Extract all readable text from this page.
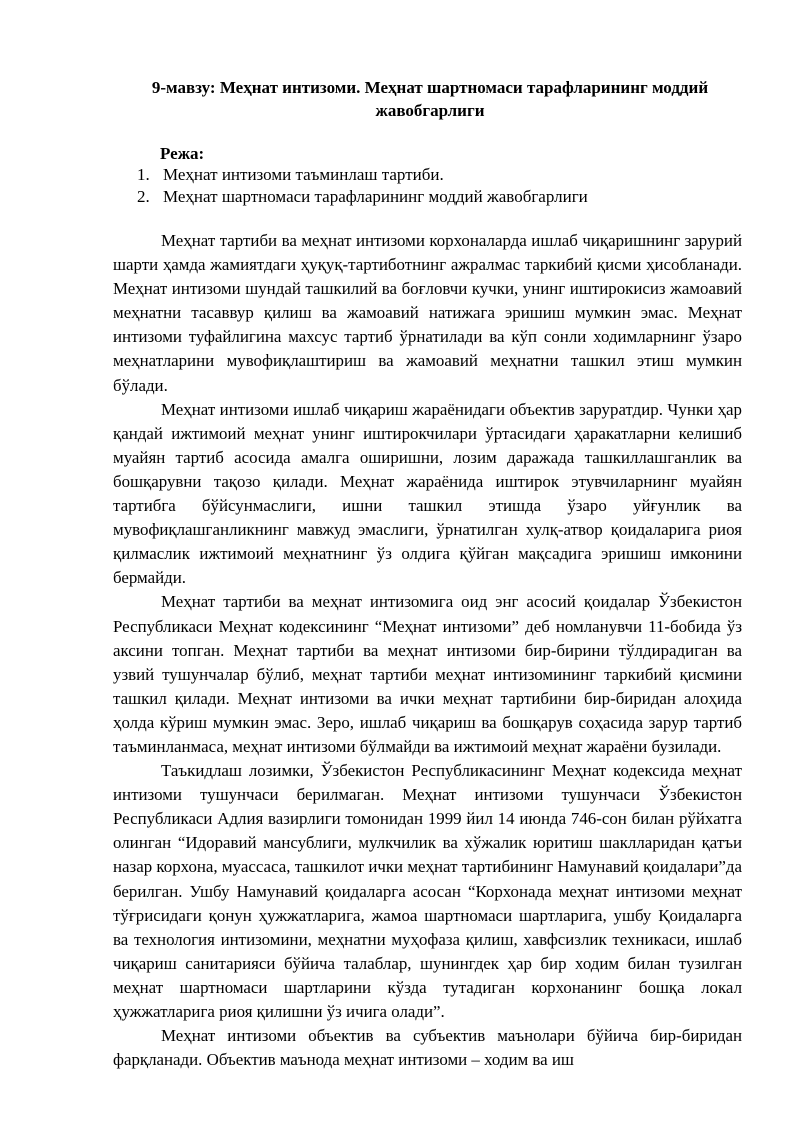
9-мавзу: Меҳнат интизоми. Меҳнат шартномаси тарафларининг моддий жавобгарлиги
Режа:
1. Меҳнат интизоми таъминлаш тартиби.
2. Меҳнат шартномаси тарафларининг моддий жавобгарлиги

Меҳнат тартиби ва меҳнат интизоми корхоналарда ишлаб чиқаришнинг зарурий шарти ҳамда жамиятдаги ҳуқуқ-тартиботнинг ажралмас таркибий қисми ҳисобланади. Меҳнат интизоми шундай ташкилий ва боғловчи кучки, унинг иштирокисиз жамоавий меҳнатни тасаввур қилиш ва жамоавий натижага эришиш мумкин эмас. Меҳнат интизоми туфайлигина махсус тартиб ўрнатилади ва кўп сонли ходимларнинг ўзаро меҳнатларини мувофиқлаштириш ва жамоавий меҳнатни ташкил этиш мумкин бўлади.

Меҳнат интизоми ишлаб чиқариш жараёнидаги объектив заруратдир. Чунки ҳар қандай ижтимоий меҳнат унинг иштирокчилари ўртасидаги ҳаракатларни келишиб муайян тартиб асосида амалга оширишни, лозим даражада ташкиллашганлик ва бошқарувни тақозо қилади. Меҳнат жараёнида иштирок этувчиларнинг муайян тартибга бўйсунмаслиги, ишни ташкил этишда ўзаро уйғунлик ва мувофиқлашганликнинг мавжуд эмаслиги, ўрнатилган хулқ-атвор қоидаларига риоя қилмаслик ижтимоий меҳнатнинг ўз олдига қўйган мақсадига эришиш имконини бермайди.

Меҳнат тартиби ва меҳнат интизомига оид энг асосий қоидалар Ўзбекистон Республикаси Меҳнат кодексининг “Меҳнат интизоми” деб номланувчи 11-бобида ўз аксини топган. Меҳнат тартиби ва меҳнат интизоми бир-бирини тўлдирадиган ва узвий тушунчалар бўлиб, меҳнат тартиби меҳнат интизомининг таркибий қисмини ташкил қилади. Меҳнат интизоми ва ички меҳнат тартибини бир-биридан алоҳида ҳолда кўриш мумкин эмас. Зеро, ишлаб чиқариш ва бошқарув соҳасида зарур тартиб таъминланмаса, меҳнат интизоми бўлмайди ва ижтимоий меҳнат жараёни бузилади.

Таъкидлаш лозимки, Ўзбекистон Республикасининг Меҳнат кодексида меҳнат интизоми тушунчаси берилмаган. Меҳнат интизоми тушунчаси Ўзбекистон Республикаси Адлия вазирлиги томонидан 1999 йил 14 июнда 746-сон билан рўйхатга олинган “Идоравий мансублиги, мулкчилик ва хўжалик юритиш шаклларидан қатъи назар корхона, муассаса, ташкилот ички меҳнат тартибининг Намунавий қоидалари”да берилган. Ушбу Намунавий қоидаларга асосан “Корхонада меҳнат интизоми меҳнат тўғрисидаги қонун ҳужжатларига, жамоа шартномаси шартларига, ушбу Қоидаларга ва технология интизомини, меҳнатни муҳофаза қилиш, хавфсизлик техникаси, ишлаб чиқариш санитарияси бўйича талаблар, шунингдек ҳар бир ходим билан тузилган меҳнат шартномаси шартларини кўзда тутадиган корхонанинг бошқа локал ҳужжатларига риоя қилишни ўз ичига олади”.

Меҳнат интизоми объектив ва субъектив маънолари бўйича бир-биридан фарқланади. Объектив маънода меҳнат интизоми – ходим ва иш
